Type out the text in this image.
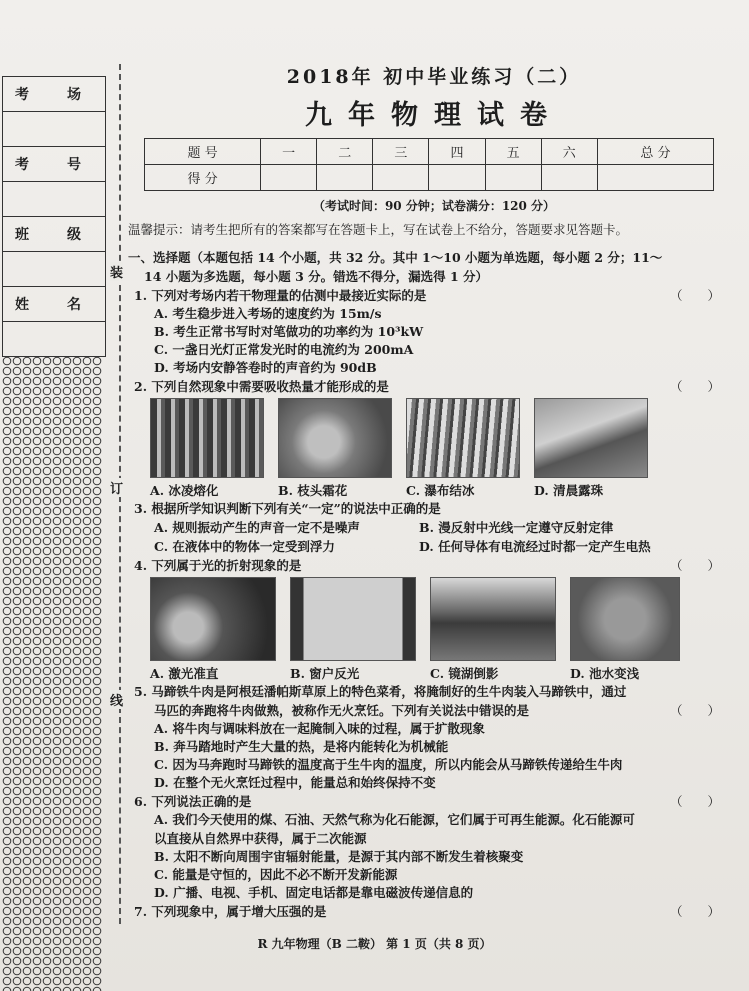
考　场
考　号
班　级
姓　名
装
订
线
2018年 初中毕业练习（二）
九年物理试卷
题 号	一	二	三	四	五	六	总 分
得 分							
（考试时间：90 分钟；试卷满分：120 分）
温馨提示：请考生把所有的答案都写在答题卡上，写在试卷上不给分，答题要求见答题卡。
一、选择题（本题包括 14 个小题，共 32 分。其中 1～10 小题为单选题，每小题 2 分；11～
14 小题为多选题，每小题 3 分。错选不得分，漏选得 1 分）
1. 下列对考场内若干物理量的估测中最接近实际的是	（　　）
A. 考生稳步进入考场的速度约为 15m/s
B. 考生正常书写时对笔做功的功率约为 10³kW
C. 一盏日光灯正常发光时的电流约为 200mA
D. 考场内安静答卷时的声音约为 90dB
2. 下列自然现象中需要吸收热量才能形成的是	（　　）
A. 冰凌熔化	B. 枝头霜花	C. 瀑布结冰	D. 清晨露珠
3. 根据所学知识判断下列有关“一定”的说法中正确的是
A. 规则振动产生的声音一定不是噪声	B. 漫反射中光线一定遵守反射定律
C. 在液体中的物体一定受到浮力	D. 任何导体有电流经过时都一定产生电热
4. 下列属于光的折射现象的是	（　　）
A. 激光准直	B. 窗户反光	C. 镜湖倒影	D. 池水变浅
5. 马蹄铁牛肉是阿根廷潘帕斯草原上的特色菜肴，将腌制好的生牛肉装入马蹄铁中，通过
马匹的奔跑将牛肉做熟，被称作无火烹饪。下列有关说法中错误的是	（　　）
A. 将牛肉与调味料放在一起腌制入味的过程，属于扩散现象
B. 奔马踏地时产生大量的热，是将内能转化为机械能
C. 因为马奔跑时马蹄铁的温度高于生牛肉的温度，所以内能会从马蹄铁传递给生牛肉
D. 在整个无火烹饪过程中，能量总和始终保持不变
6. 下列说法正确的是	（　　）
A. 我们今天使用的煤、石油、天然气称为化石能源，它们属于可再生能源。化石能源可
以直接从自然界中获得，属于二次能源
B. 太阳不断向周围宇宙辐射能量，是源于其内部不断发生着核聚变
C. 能量是守恒的，因此不必不断开发新能源
D. 广播、电视、手机、固定电话都是靠电磁波传递信息的
7. 下列现象中，属于增大压强的是	（　　）
R 九年物理（B 二鞍） 第 1 页（共 8 页）
